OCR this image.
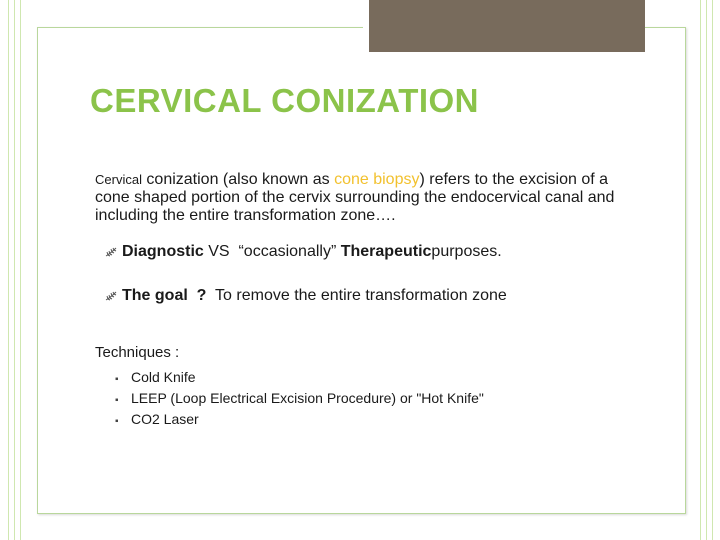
CERVICAL CONIZATION

Cervical conization (also known as cone biopsy) refers to the excision of a cone shaped portion of the cervix surrounding the endocervical canal and including the entire transformation zone….

Diagnostic VS  “occasionally” Therapeutic purposes.
The goal  ? To remove the entire transformation zone

Techniques :

▪ Cold Knife
▪ LEEP (Loop Electrical Excision Procedure) or "Hot Knife"
▪ CO2 Laser
